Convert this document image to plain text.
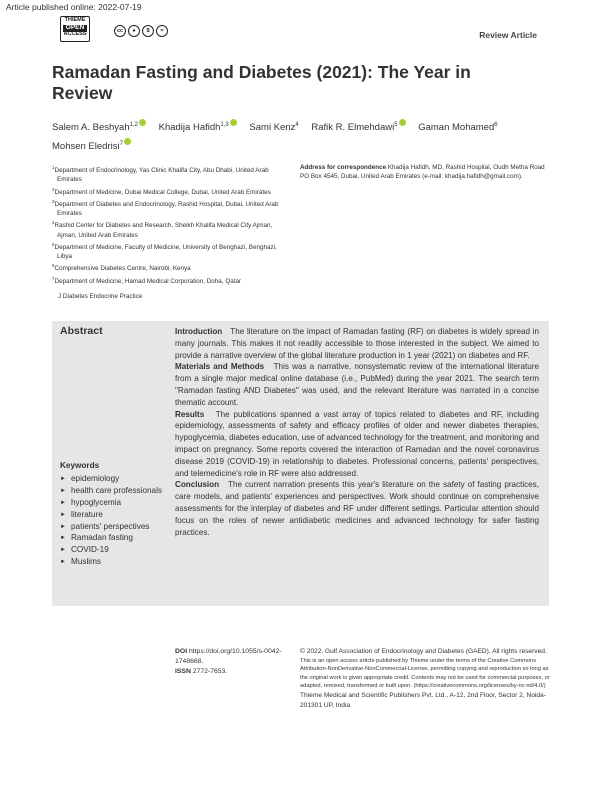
Article published online: 2022-07-19
THIEME
OPEN
ACCESS	cc	●	$	=	Review Article
Ramadan Fasting and Diabetes (2021): The Year in Review
Salem A. Beshyah$^{1,2}$ Khadija Hafidh$^{1,3}$ Sami Kenz$^4$ Rafik R. Elmehdawi$^5$ Gaman Mohamed$^6$ Mohsen Eledrisi$^7$
$^1$Department of Endocrinology, Yas Clinic Khalifa City, Abu Dhabi, United Arab Emirates
$^2$Department of Medicine, Dubai Medical College, Dubai, United Arab Emirates
$^3$Department of Diabetes and Endocrinology, Rashid Hospital, Dubai, United Arab Emirates
$^4$Rashid Center for Diabetes and Research, Sheikh Khalifa Medical City Ajman, Ajman, United Arab Emirates
$^5$Department of Medicine, Faculty of Medicine, University of Benghazi, Benghazi, Libya
$^6$Comprehensive Diabetes Centre, Nairobi, Kenya
$^7$Department of Medicine, Hamad Medical Corporation, Doha, Qatar
Address for correspondence Khadija Hafidh, MD, Rashid Hospital, Oudh Metha Road PO Box 4545, Dubai, United Arab Emirates (e-mail: khadija.hafidh@gmail.com).
J Diabetes Endocrine Practice
Abstract
Keywords
► epidemiology
► health care professionals
► hypoglycemia
► literature
► patients' perspectives
► Ramadan fasting
► COVID-19
► Muslims

Introduction The literature on the impact of Ramadan fasting (RF) on diabetes is widely spread in many journals. This makes it not readily accessible to those interested in the subject. We aimed to provide a narrative overview of the global literature production in 1 year (2021) on diabetes and RF.

Materials and Methods This was a narrative, nonsystematic review of the international literature from a single major medical online database (i.e., PubMed) during the year 2021. The search term "Ramadan fasting AND Diabetes" was used, and the relevant literature was narrated in a concise thematic account.

Results The publications spanned a vast array of topics related to diabetes and RF, including epidemiology, assessments of safety and efficacy profiles of older and newer diabetes therapies, hypoglycemia, diabetes education, use of advanced technology for the treatment, and monitoring and impact on pregnancy. Some reports covered the interaction of Ramadan and the novel coronavirus disease 2019 (COVID-19) in relationship to diabetes. Professional concerns, patients' perspectives, and telemedicine's role in RF were also addressed.

Conclusion The current narration presents this year's literature on the safety of fasting practices, care models, and patients' experiences and perspectives. Work should continue on comprehensive assessments for the interplay of diabetes and RF under different settings. Particular attention should focus on the roles of newer antidiabetic medicines and advanced technology for safer fasting practices.

DOI https://doi.org/10.1055/s-0042-1748668.
ISSN 2772-7653.
© 2022. Gulf Association of Endocrinology and Diabetes (GAED). All rights reserved.
This is an open access article published by Thieme under the terms of the Creative Commons Attribution-NonDerivative-NonCommercial-License, permitting copying and reproduction so long as the original work is given appropriate credit. Contents may not be used for commercial purposes, or adapted, remixed, transformed or built upon. (https://creativecommons.org/licenses/by-nc-nd/4.0/)
Thieme Medical and Scientific Publishers Pvt. Ltd., A-12, 2nd Floor, Sector 2, Noida-201301 UP, India
